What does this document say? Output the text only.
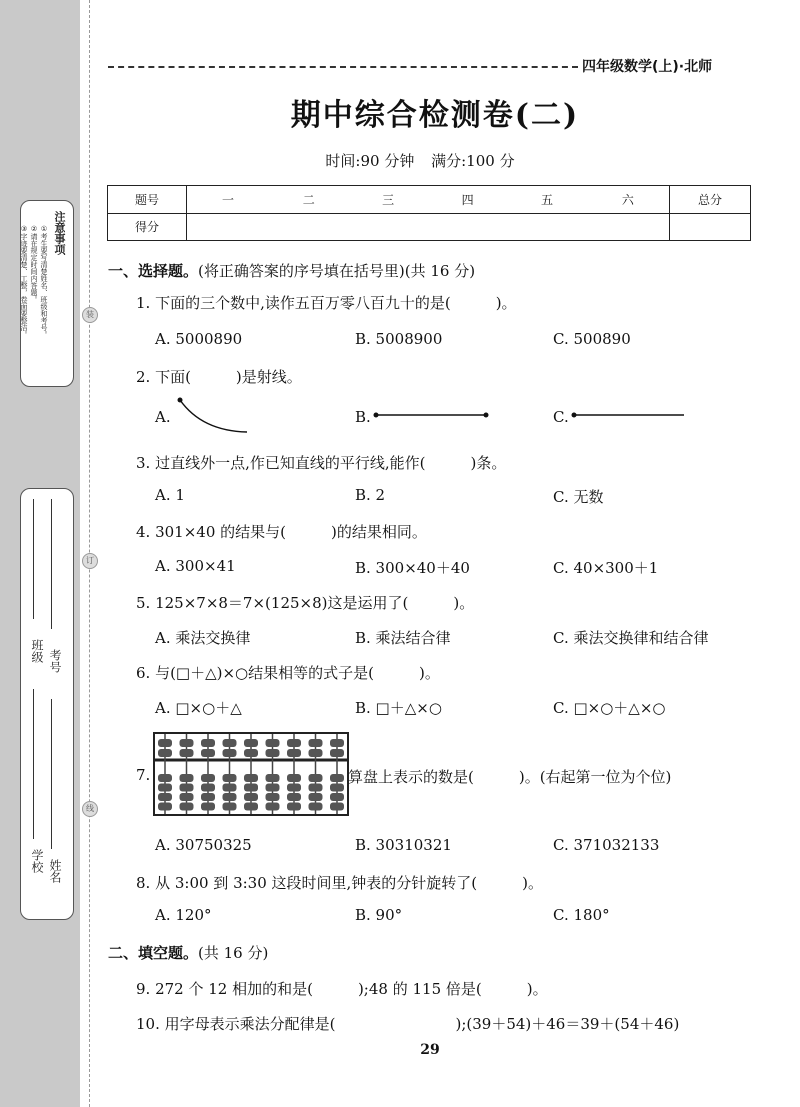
注意事项
①考生要写清楚姓名、班级和考号。
②请在规定时间内答题。
③字迹要清楚、工整，卷面要整洁。
班级 考号
学校 姓名
装
订
线
四年级数学(上)·北师
期中综合检测卷(二)
时间:90 分钟 满分:100 分
题号	一	二	三	四	五	六	总分
得分							
一、选择题。(将正确答案的序号填在括号里)(共 16 分)
1. 下面的三个数中,读作五百万零八百九十的是(　　　)。
A. 5000890	B. 5008900	C. 500890
2. 下面(　　　)是射线。
A.	B.	C.
3. 过直线外一点,作已知直线的平行线,能作(　　　)条。
A. 1	B. 2	C. 无数
4. 301×40 的结果与(　　　)的结果相同。
A. 300×41	B. 300×40＋40	C. 40×300＋1
5. 125×7×8＝7×(125×8)这是运用了(　　　)。
A. 乘法交换律	B. 乘法结合律	C. 乘法交换律和结合律
6. 与(□＋△)×○结果相等的式子是(　　　)。
A. □×○＋△	B. □＋△×○	C. □×○＋△×○
7.	算盘上表示的数是(　　　)。(右起第一位为个位)
A. 30750325	B. 30310321	C. 371032133
8. 从 3:00 到 3:30 这段时间里,钟表的分针旋转了(　　　)。
A. 120°	B. 90°	C. 180°
二、填空题。(共 16 分)
9. 272 个 12 相加的和是(　　　);48 的 115 倍是(　　　)。
10. 用字母表示乘法分配律是(　　　　　　　　);(39＋54)＋46＝39＋(54＋46)
29
